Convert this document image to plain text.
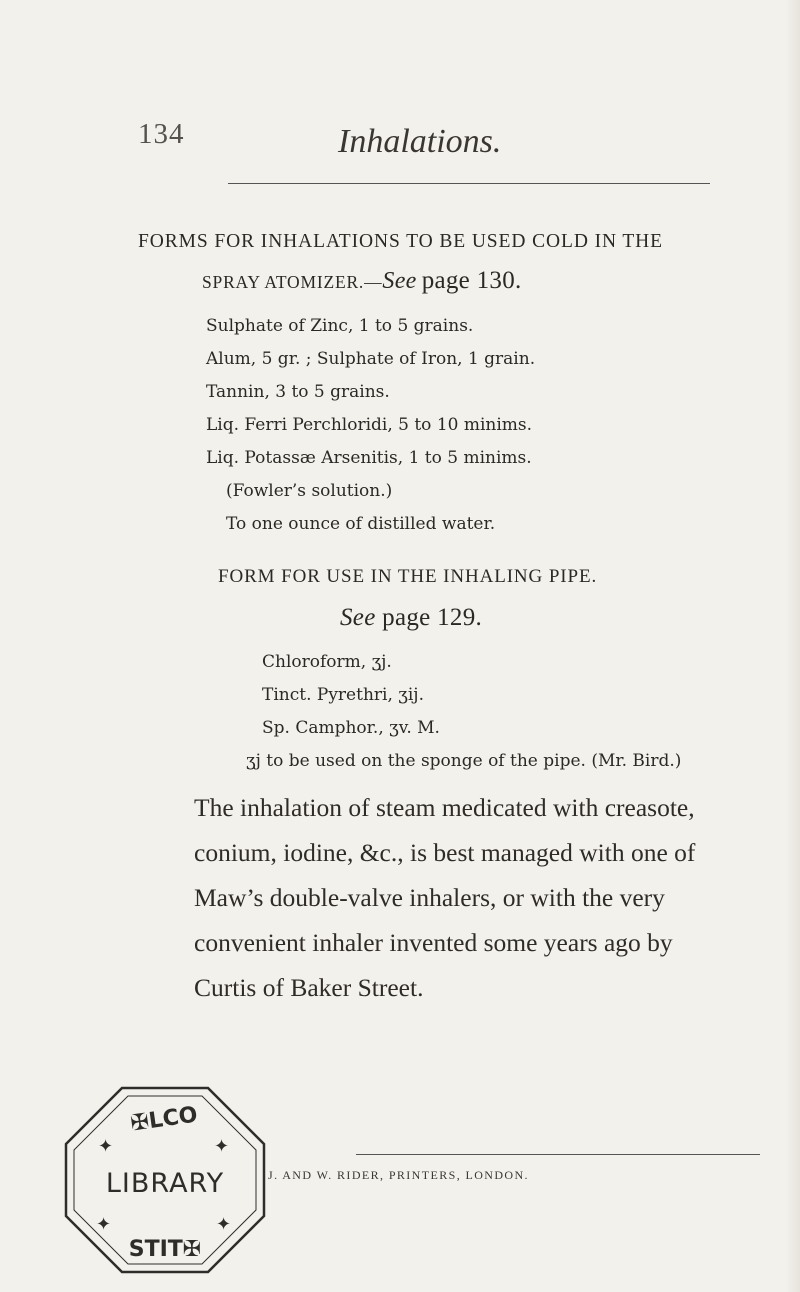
134	Inhalations.
FORMS FOR INHALATIONS TO BE USED COLD IN THE
SPRAY ATOMIZER.—See page 130.
Sulphate of Zinc, 1 to 5 grains.
Alum, 5 gr. ; Sulphate of Iron, 1 grain.
Tannin, 3 to 5 grains.
Liq. Ferri Perchloridi, 5 to 10 minims.
Liq. Potassæ Arsenitis, 1 to 5 minims.
(Fowler’s solution.)
To one ounce of distilled water.
FORM FOR USE IN THE INHALING PIPE.
See page 129.
Chloroform, ʒj.
Tinct. Pyrethri, ʒij.
Sp. Camphor., ʒv. M.
ʒj to be used on the sponge of the pipe. (Mr. Bird.)
The inhalation of steam medicated with creasote,
conium, iodine, &c., is best managed with one of
Maw’s double-valve inhalers, or with the very
convenient inhaler invented some years ago by
Curtis of Baker Street.
✠LCO
✦	✦
LIBRARY
✦	✦
STIT✠
J. AND W. RIDER, PRINTERS, LONDON.
